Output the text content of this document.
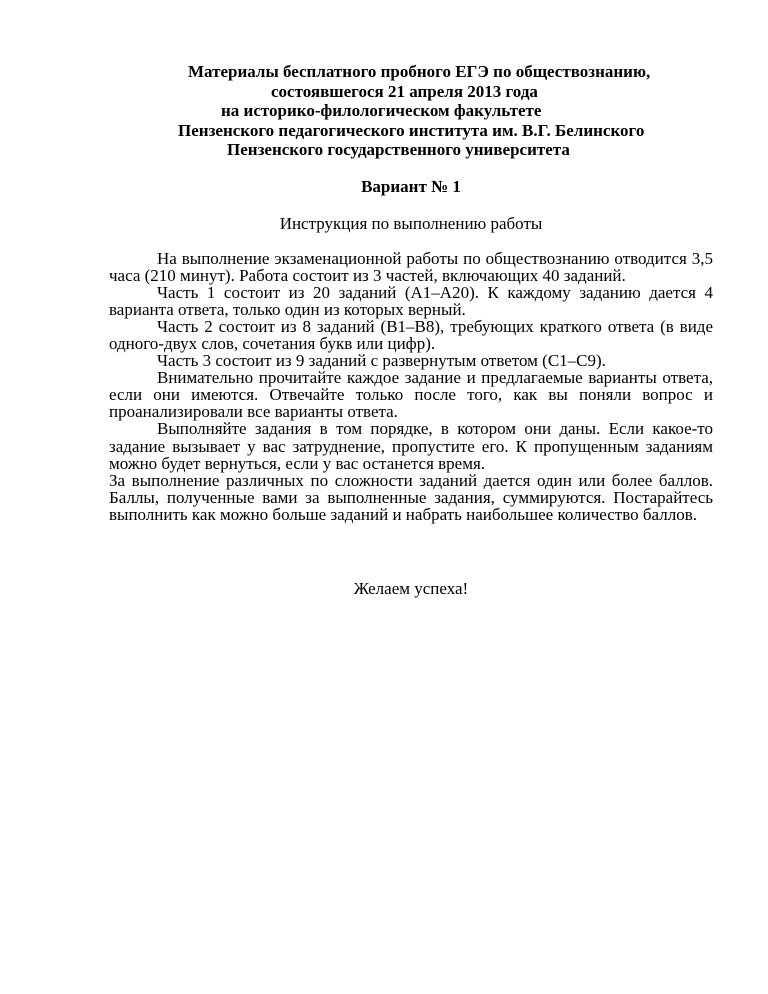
Материалы бесплатного пробного ЕГЭ по обществознанию,
состоявшегося 21 апреля 2013 года
на историко-филологическом факультете
Пензенского педагогического института им. В.Г. Белинского
Пензенского государственного университета
Вариант № 1
Инструкция по выполнению работы

На выполнение экзаменационной работы по обществознанию отводится 3,5 часа (210 минут). Работа состоит из 3 частей, включающих 40 заданий.

Часть 1 состоит из 20 заданий (А1–А20). К каждому заданию дается 4 варианта ответа, только один из которых верный.

Часть 2 состоит из 8 заданий (В1–В8), требующих краткого ответа (в виде одного-двух слов, сочетания букв или цифр).

Часть 3 состоит из 9 заданий с развернутым ответом (С1–С9).

Внимательно прочитайте каждое задание и предлагаемые варианты ответа, если они имеются. Отвечайте только после того, как вы поняли вопрос и проанализировали все варианты ответа.

Выполняйте задания в том порядке, в котором они даны. Если какое-то задание вызывает у вас затруднение, пропустите его. К пропущенным заданиям можно будет вернуться, если у вас останется время.

За выполнение различных по сложности заданий дается один или более баллов. Баллы, полученные вами за выполненные задания, суммируются. Постарайтесь выполнить как можно больше заданий и набрать наибольшее количество баллов.

Желаем успеха!
